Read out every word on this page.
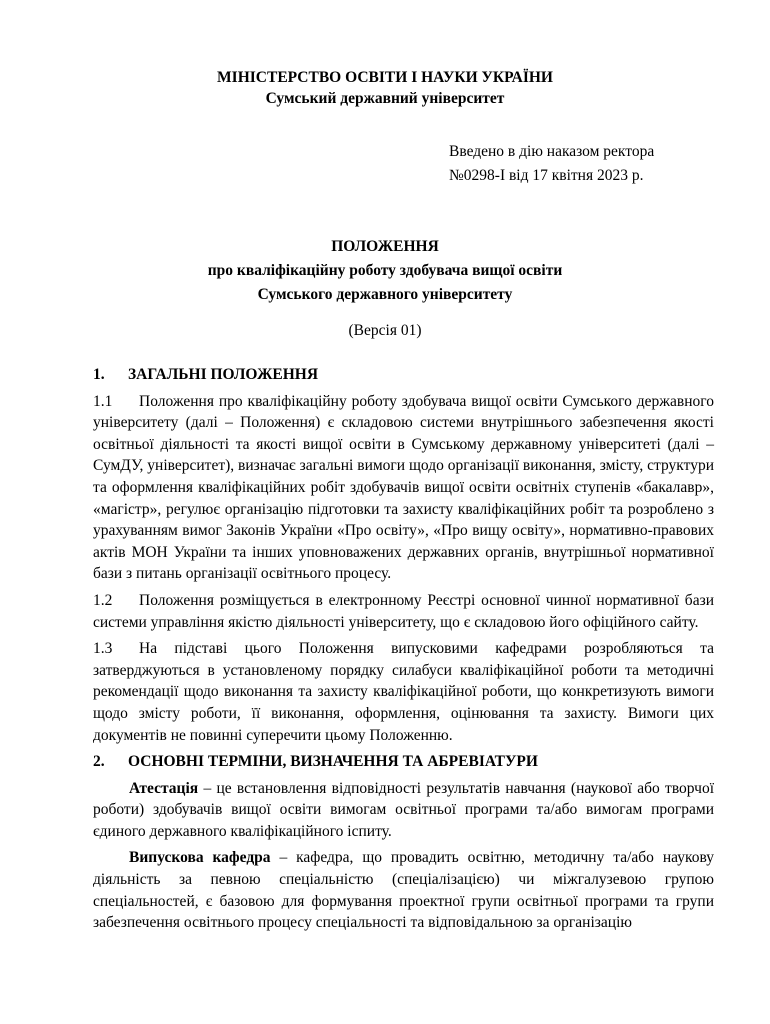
МІНІСТЕРСТВО ОСВІТИ І НАУКИ УКРАЇНИ
Сумський державний університет
Введено в дію наказом ректора
№0298-І від 17 квітня 2023 р.
ПОЛОЖЕННЯ
про кваліфікаційну роботу здобувача вищої освіти
Сумського державного університету
(Версія 01)
1. ЗАГАЛЬНІ ПОЛОЖЕННЯ

1.1 Положення про кваліфікаційну роботу здобувача вищої освіти Сумського державного університету (далі – Положення) є складовою системи внутрішнього забезпечення якості освітньої діяльності та якості вищої освіти в Сумському державному університеті (далі – СумДУ, університет), визначає загальні вимоги щодо організації виконання, змісту, структури та оформлення кваліфікаційних робіт здобувачів вищої освіти освітніх ступенів «бакалавр», «магістр», регулює організацію підготовки та захисту кваліфікаційних робіт та розроблено з урахуванням вимог Законів України «Про освіту», «Про вищу освіту», нормативно-правових актів МОН України та інших уповноважених державних органів, внутрішньої нормативної бази з питань організації освітнього процесу.

1.2 Положення розміщується в електронному Реєстрі основної чинної нормативної бази системи управління якістю діяльності університету, що є складовою його офіційного сайту.

1.3 На підставі цього Положення випусковими кафедрами розробляються та затверджуються в установленому порядку силабуси кваліфікаційної роботи та методичні рекомендації щодо виконання та захисту кваліфікаційної роботи, що конкретизують вимоги щодо змісту роботи, її виконання, оформлення, оцінювання та захисту. Вимоги цих документів не повинні суперечити цьому Положенню.

2. ОСНОВНІ ТЕРМІНИ, ВИЗНАЧЕННЯ ТА АБРЕВІАТУРИ

Атестація – це встановлення відповідності результатів навчання (наукової або творчої роботи) здобувачів вищої освіти вимогам освітньої програми та/або вимогам програми єдиного державного кваліфікаційного іспиту.

Випускова кафедра – кафедра, що провадить освітню, методичну та/або наукову діяльність за певною спеціальністю (спеціалізацією) чи міжгалузевою групою спеціальностей, є базовою для формування проектної групи освітньої програми та групи забезпечення освітнього процесу спеціальності та відповідальною за організацію
